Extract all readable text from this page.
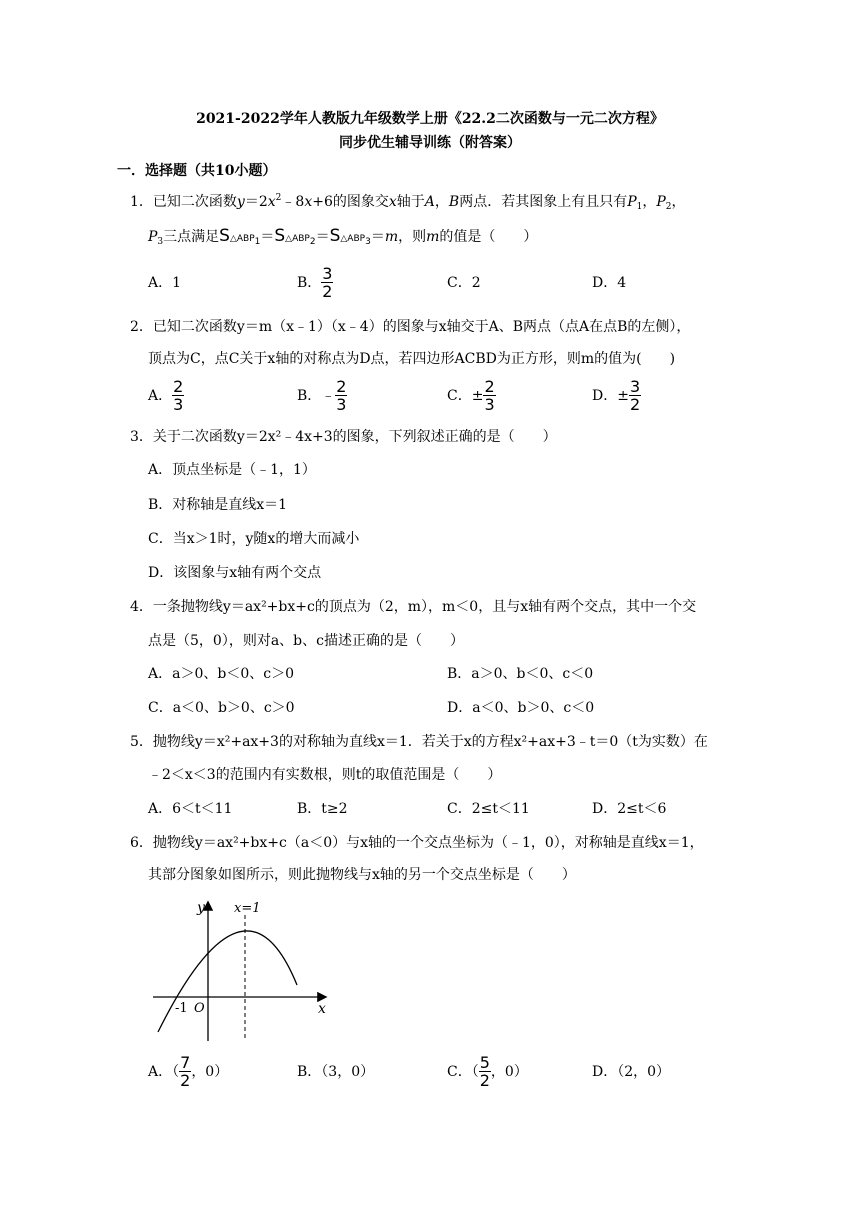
2021-2022学年人教版九年级数学上册《22.2二次函数与一元二次方程》
同步优生辅导训练（附答案）
一．选择题（共10小题）
1．已知二次函数$y=2x^2﹣8x+6$的图象交x轴于A，B两点．若其图象上有且只有$P_1$，$P_2$，
$P_3$三点满足S△ABP1＝S△ABP2＝S△ABP3＝m，则m的值是（　　）
A．1	B． $\frac{3}{2}$	C．2	D．4
2．已知二次函数y＝m（x﹣1）（x﹣4）的图象与x轴交于A、B两点（点A在点B的左侧），
顶点为C，点C关于x轴的对称点为D点，若四边形ACBD为正方形，则m的值为(　　)
A． $\frac{2}{3}$	B． ﹣ $\frac{2}{3}$	C． ± $\frac{2}{3}$	D． ± $\frac{3}{2}$
3．关于二次函数y＝2x²﹣4x+3的图象，下列叙述正确的是（　　）
A．顶点坐标是（﹣1，1）
B．对称轴是直线x＝1
C．当x＞1时，y随x的增大而减小
D．该图象与x轴有两个交点
4．一条抛物线y＝ax²+bx+c的顶点为（2，m），m＜0，且与x轴有两个交点，其中一个交
点是（5，0），则对a、b、c描述正确的是（　　）
A．a＞0、b＜0、c＞0	B．a＞0、b＜0、c＜0
C．a＜0、b＞0、c＞0	D．a＜0、b＞0、c＜0
5．抛物线y＝x²+ax+3的对称轴为直线x＝1．若关于x的方程x²+ax+3﹣t＝0（t为实数）在
﹣2＜x＜3的范围内有实数根，则t的取值范围是（　　）
A．6＜t＜11	B．t≥2	C．2≤t＜11	D．2≤t＜6
6．抛物线y＝ax²+bx+c（a＜0）与x轴的一个交点坐标为（﹣1，0），对称轴是直线x＝1，
其部分图象如图所示，则此抛物线与x轴的另一个交点坐标是（　　）
y
x
x=1
-1 O
A．（ $\frac{7}{2}$ ，0）	B．（3，0）	C．（ $\frac{5}{2}$ ，0）	D．（2，0）
